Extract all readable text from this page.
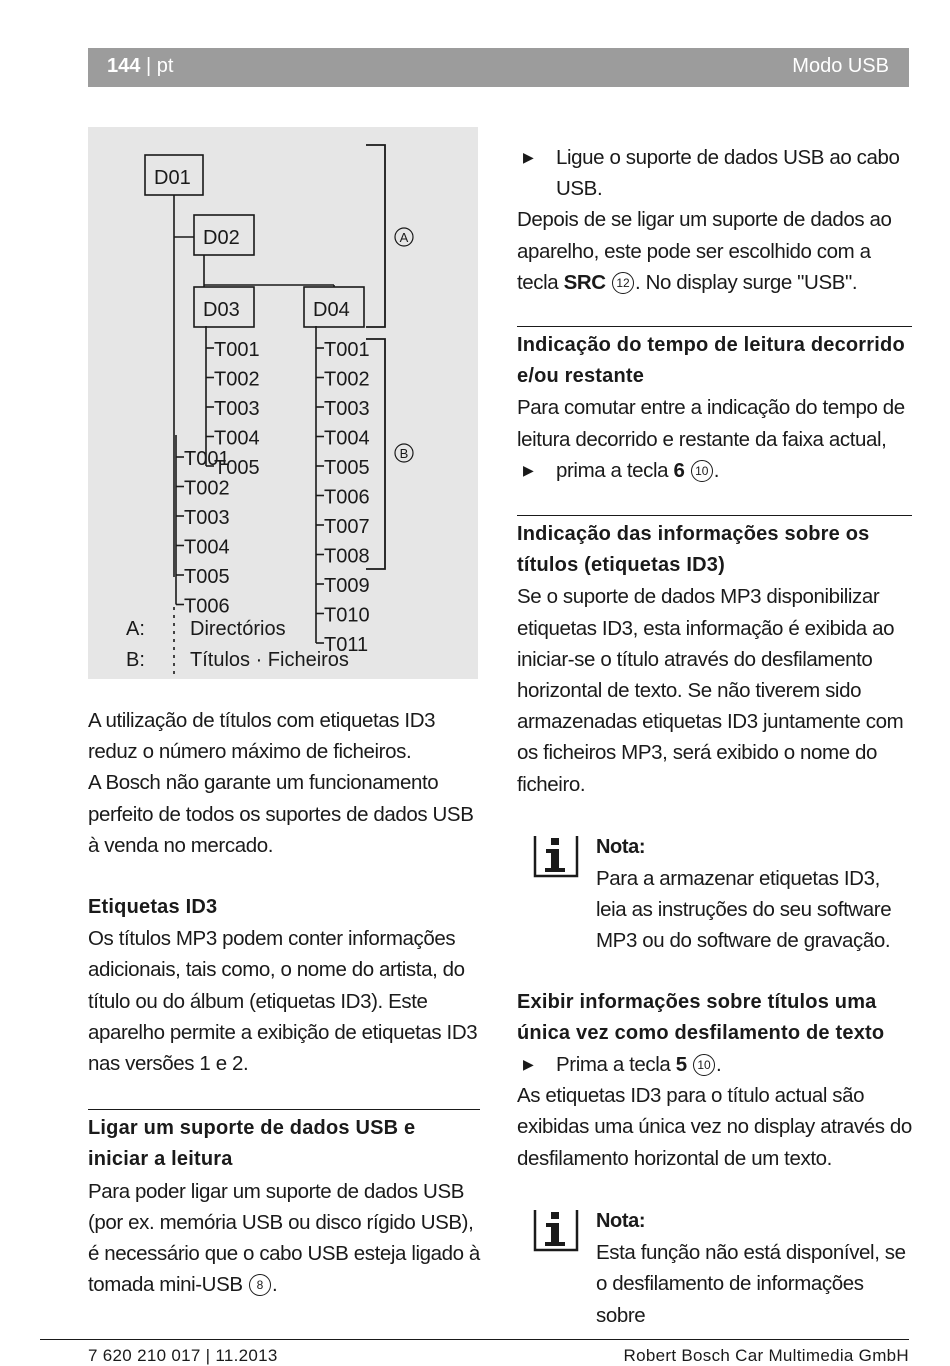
144 | pt	Modo USB
D01
D02
D03	D04
T001
T002
T003
T004
T005
T001
T002
T003
T004
T005
T006
T001
T002
T003
T004
T005
T006
T007
T008
T009
T010
T011
A
B
A: Directórios
B: Títulos · Ficheiros

A utilização de títulos com etiquetas ID3 reduz o número máximo de ficheiros.

A Bosch não garante um funcionamento perfeito de todos os suportes de dados USB à venda no mercado.

Etiquetas ID3

Os títulos MP3 podem conter informações adicionais, tais como, o nome do artista, do título ou do álbum (etiquetas ID3). Este aparelho permite a exibição de etiquetas ID3 nas versões 1 e 2.

Ligar um suporte de dados USB e iniciar a leitura

Para poder ligar um suporte de dados USB (por ex. memória USB ou disco rígido USB), é necessário que o cabo USB esteja ligado à tomada mini-USB 8 .

▶ Ligue o suporte de dados USB ao cabo USB.

Depois de se ligar um suporte de dados ao aparelho, este pode ser escolhido com a tecla SRC 12 . No display surge "USB".

Indicação do tempo de leitura decorrido e/ou restante

Para comutar entre a indicação do tempo de leitura decorrido e restante da faixa actual,

▶ prima a tecla 6 10 .
Indicação das informações sobre os títulos (etiquetas ID3)

Se o suporte de dados MP3 disponibilizar etiquetas ID3, esta informação é exibida ao iniciar-se o título através do desfilamento horizontal de texto. Se não tiverem sido armazenadas etiquetas ID3 juntamente com os ficheiros MP3, será exibido o nome do ficheiro.

Nota:

Para a armazenar etiquetas ID3, leia as instruções do seu software MP3 ou do software de gravação.

Exibir informações sobre títulos uma única vez como desfilamento de texto
▶ Prima a tecla 5 10 .

As etiquetas ID3 para o título actual são exibidas uma única vez no display através do desfilamento horizontal de um texto.

Nota:

Esta função não está disponível, se o desfilamento de informações sobre

7 620 210 017 | 11.2013	Robert Bosch Car Multimedia GmbH
